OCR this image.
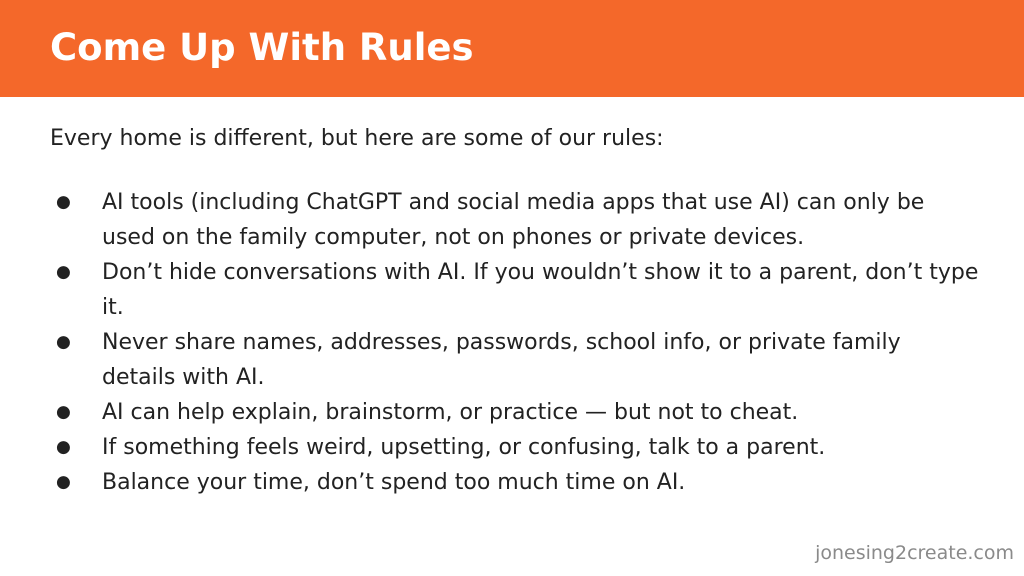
Come Up With Rules

Every home is different, but here are some of our rules:

● AI tools (including ChatGPT and social media apps that use AI) can only be used on the family computer, not on phones or private devices.
● Don’t hide conversations with AI. If you wouldn’t show it to a parent, don’t type it.
● Never share names, addresses, passwords, school info, or private family details with AI.
● AI can help explain, brainstorm, or practice — but not to cheat.
● If something feels weird, upsetting, or confusing, talk to a parent.
● Balance your time, don’t spend too much time on AI.

jonesing2create.com
